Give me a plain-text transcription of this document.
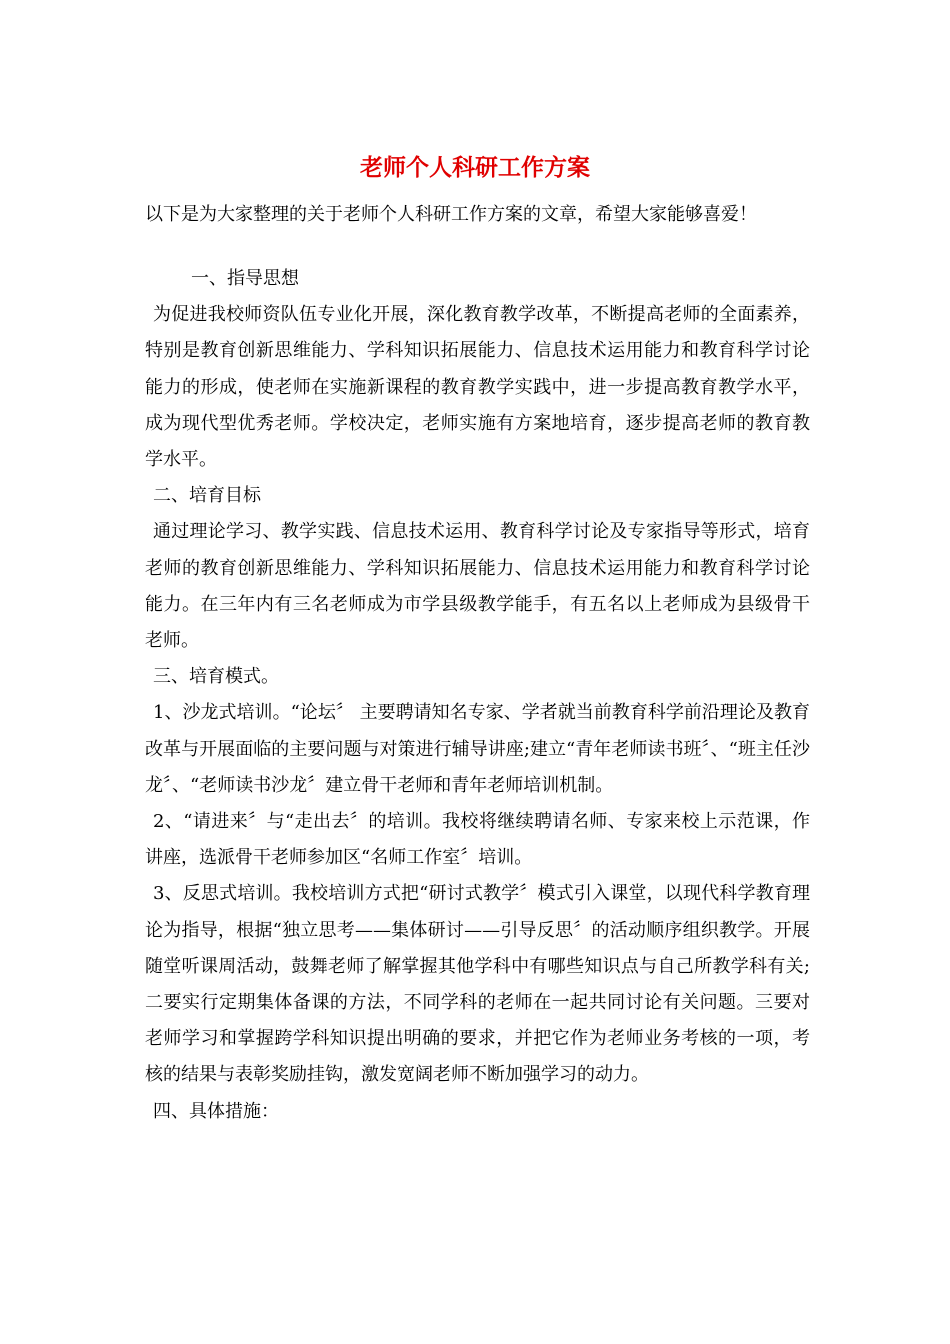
老师个人科研工作方案
以下是为大家整理的关于老师个人科研工作方案的文章，希望大家能够喜爱！

一、指导思想

为促进我校师资队伍专业化开展，深化教育教学改革，不断提高老师的全面素养，特别是教育创新思维能力、学科知识拓展能力、信息技术运用能力和教育科学讨论能力的形成，使老师在实施新课程的教育教学实践中，进一步提高教育教学水平，成为现代型优秀老师。学校决定，老师实施有方案地培育，逐步提高老师的教育教学水平。

二、培育目标

通过理论学习、教学实践、信息技术运用、教育科学讨论及专家指导等形式，培育老师的教育创新思维能力、学科知识拓展能力、信息技术运用能力和教育科学讨论能力。在三年内有三名老师成为市学县级教学能手，有五名以上老师成为县级骨干老师。

三、培育模式。

1、沙龙式培训。“论坛〞 主要聘请知名专家、学者就当前教育科学前沿理论及教育改革与开展面临的主要问题与对策进行辅导讲座;建立“青年老师读书班〞、“班主任沙龙〞、“老师读书沙龙〞建立骨干老师和青年老师培训机制。

2、“请进来〞与“走出去〞的培训。我校将继续聘请名师、专家来校上示范课，作讲座，选派骨干老师参加区“名师工作室〞培训。

3、反思式培训。我校培训方式把“研讨式教学〞模式引入课堂，以现代科学教育理论为指导，根据“独立思考——集体研讨——引导反思〞的活动顺序组织教学。开展随堂听课周活动，鼓舞老师了解掌握其他学科中有哪些知识点与自己所教学科有关;二要实行定期集体备课的方法，不同学科的老师在一起共同讨论有关问题。三要对老师学习和掌握跨学科知识提出明确的要求，并把它作为老师业务考核的一项，考核的结果与表彰奖励挂钩，激发宽阔老师不断加强学习的动力。

四、具体措施：
